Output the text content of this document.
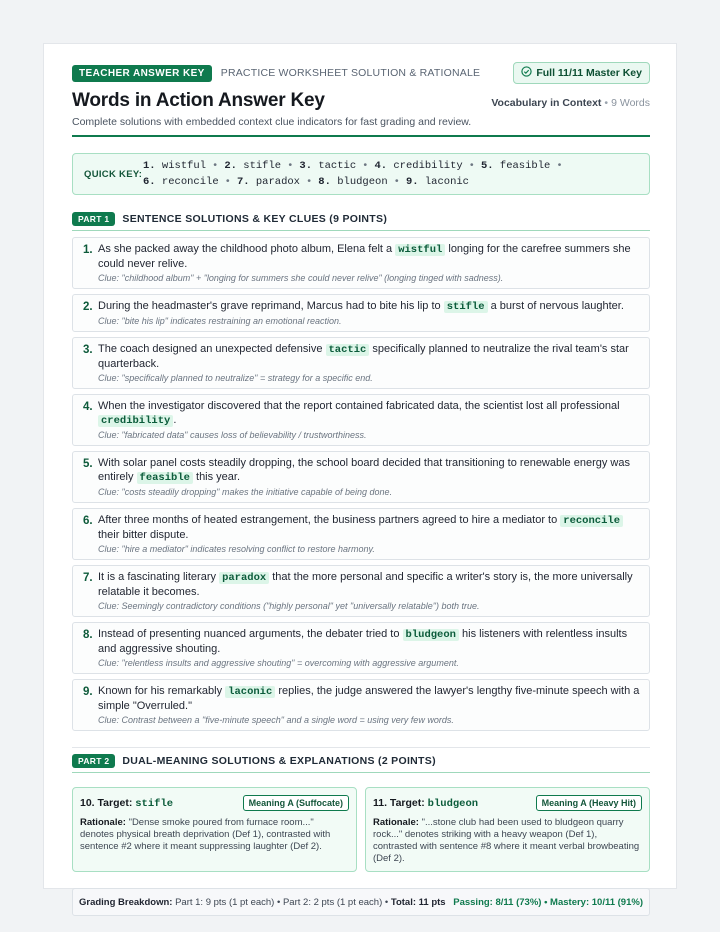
TEACHER ANSWER KEY	PRACTICE WORKSHEET SOLUTION & RATIONALE	Full 11/11 Master Key
Words in Action Answer Key	Vocabulary in Context • 9 Words
Complete solutions with embedded context clue indicators for fast grading and review.
QUICK KEY:
1. wistful • 2. stifle • 3. tactic • 4. credibility • 5. feasible •
6. reconcile • 7. paradox • 8. bludgeon • 9. laconic
PART 1	SENTENCE SOLUTIONS & KEY CLUES (9 POINTS)
1. As she packed away the childhood photo album, Elena felt a wistful longing for the carefree summers she could never relive.
Clue: "childhood album" + "longing for summers she could never relive" (longing tinged with sadness).
2. During the headmaster's grave reprimand, Marcus had to bite his lip to stifle a burst of nervous laughter.
Clue: "bite his lip" indicates restraining an emotional reaction.
3. The coach designed an unexpected defensive tactic specifically planned to neutralize the rival team's star quarterback.
Clue: "specifically planned to neutralize" = strategy for a specific end.
4. When the investigator discovered that the report contained fabricated data, the scientist lost all professional credibility .
Clue: "fabricated data" causes loss of believability / trustworthiness.
5. With solar panel costs steadily dropping, the school board decided that transitioning to renewable energy was entirely feasible this year.
Clue: "costs steadily dropping" makes the initiative capable of being done.
6. After three months of heated estrangement, the business partners agreed to hire a mediator to reconcile their bitter dispute.
Clue: "hire a mediator" indicates resolving conflict to restore harmony.
7. It is a fascinating literary paradox that the more personal and specific a writer's story is, the more universally relatable it becomes.
Clue: Seemingly contradictory conditions ("highly personal" yet "universally relatable") both true.
8. Instead of presenting nuanced arguments, the debater tried to bludgeon his listeners with relentless insults and aggressive shouting.
Clue: "relentless insults and aggressive shouting" = overcoming with aggressive argument.
9. Known for his remarkably laconic replies, the judge answered the lawyer's lengthy five-minute speech with a simple "Overruled."
Clue: Contrast between a "five-minute speech" and a single word = using very few words.
PART 2	DUAL-MEANING SOLUTIONS & EXPLANATIONS (2 POINTS)
10. Target: stifle	Meaning A (Suffocate)
Rationale: "Dense smoke poured from furnace room..." denotes physical breath deprivation (Def 1), contrasted with sentence #2 where it meant suppressing laughter (Def 2).
11. Target: bludgeon	Meaning A (Heavy Hit)
Rationale: "...stone club had been used to bludgeon quarry rock..." denotes striking with a heavy weapon (Def 1), contrasted with sentence #8 where it meant verbal browbeating (Def 2).
Grading Breakdown:
Part 1: 9 pts (1 pt each) • Part 2: 2 pts (1 pt each) • Total: 11 pts Passing: 8/11 (73%) • Mastery: 10/11 (91%)
